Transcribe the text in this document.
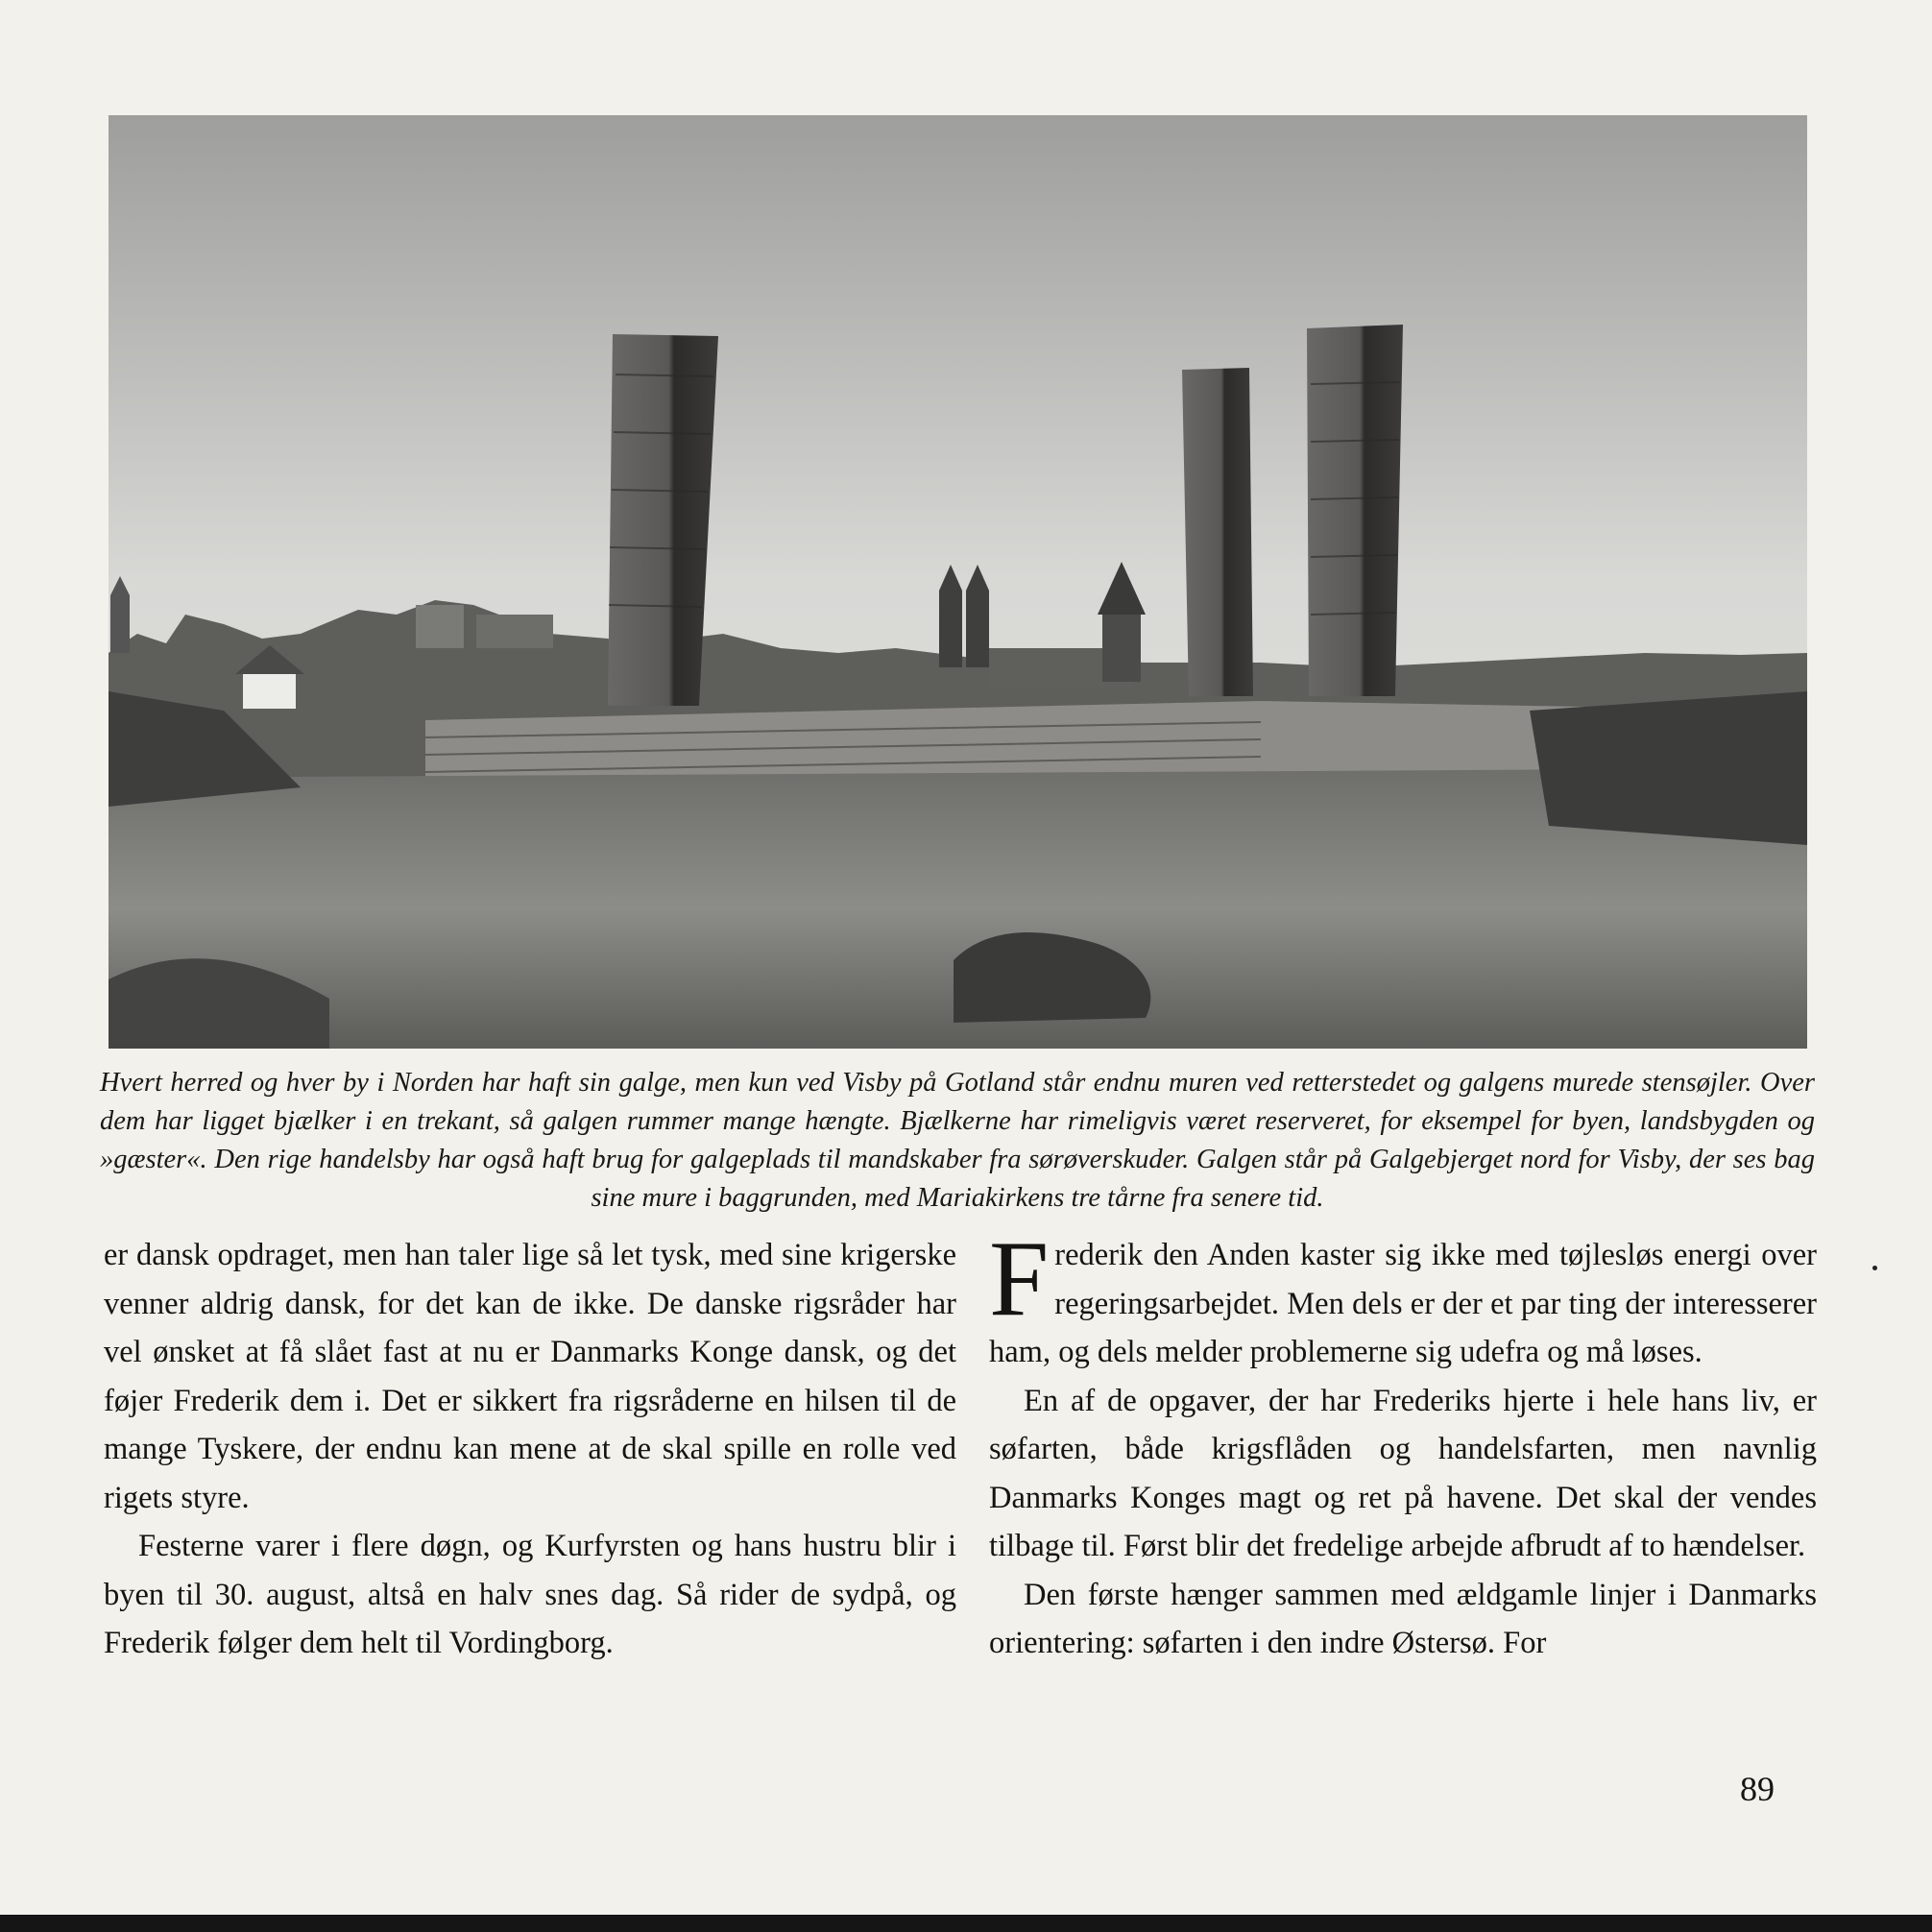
Hvert herred og hver by i Norden har haft sin galge, men kun ved Visby på Gotland står endnu muren ved retterstedet og galgens murede stensøjler. Over dem har ligget bjælker i en trekant, så galgen rummer mange hængte. Bjælkerne har rimeligvis været reserveret, for eksempel for byen, landsbygden og »gæster«. Den rige handelsby har også haft brug for galgeplads til mandskaber fra sørøverskuder. Galgen står på Galgebjerget nord for Visby, der ses bag sine mure i baggrunden, med Mariakirkens tre tårne fra senere tid.

er dansk opdraget, men han taler lige så let tysk, med sine krigerske venner aldrig dansk, for det kan de ikke. De danske rigsråder har vel ønsket at få slået fast at nu er Danmarks Konge dansk, og det føjer Frederik dem i. Det er sikkert fra rigsråderne en hilsen til de mange Tyskere, der endnu kan mene at de skal spille en rolle ved rigets styre.

Festerne varer i flere døgn, og Kurfyrsten og hans hustru blir i byen til 30. august, altså en halv snes dag. Så rider de sydpå, og Frederik følger dem helt til Vordingborg.

Frederik den Anden kaster sig ikke med tøjlesløs energi over regeringsarbejdet. Men dels er der et par ting der interesserer ham, og dels melder problemerne sig udefra og må løses.

En af de opgaver, der har Frederiks hjerte i hele hans liv, er søfarten, både krigsflåden og handelsfarten, men navnlig Danmarks Konges magt og ret på havene. Det skal der vendes tilbage til. Først blir det fredelige arbejde afbrudt af to hændelser.

Den første hænger sammen med ældgamle linjer i Danmarks orientering: søfarten i den indre Østersø. For

89
